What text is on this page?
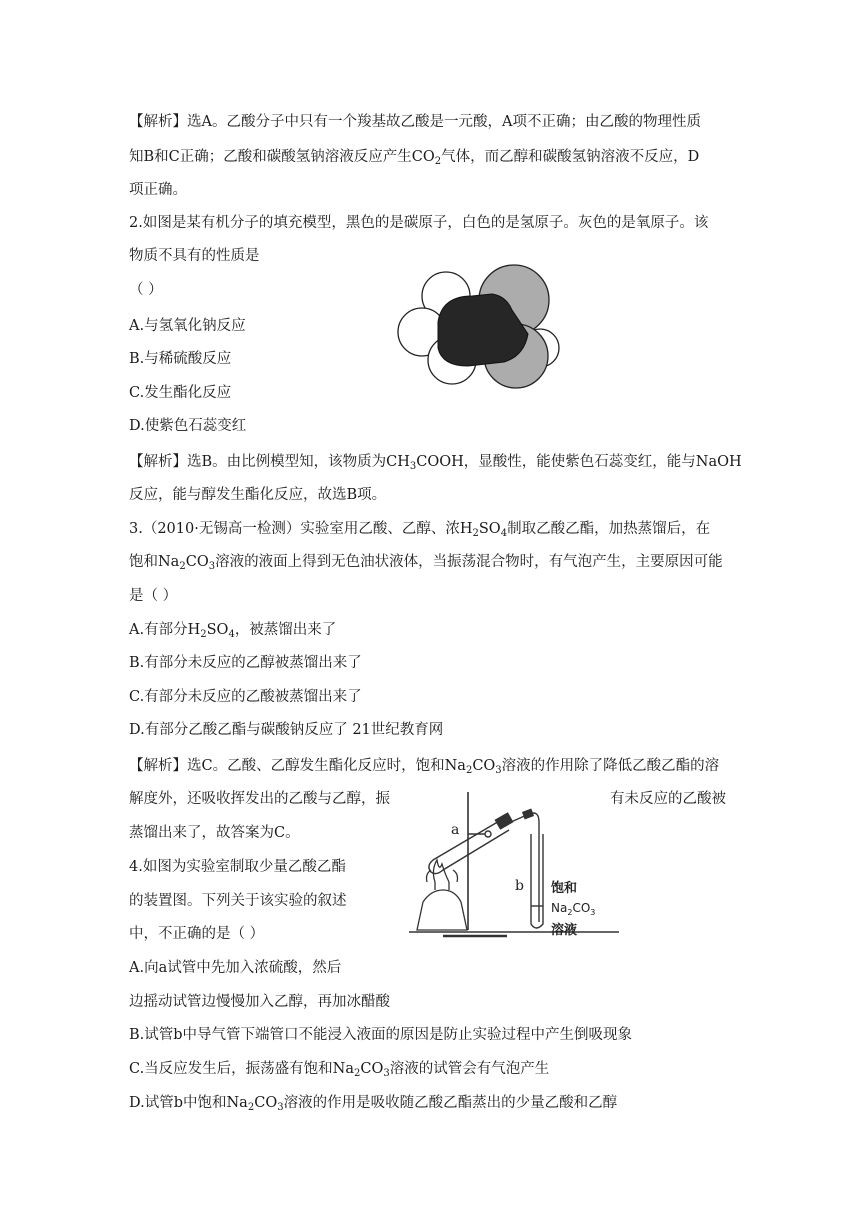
【解析】选A。乙酸分子中只有一个羧基故乙酸是一元酸，A项不正确；由乙酸的物理性质
知B和C正确；乙酸和碳酸氢钠溶液反应产生$CO_2$气体，而乙醇和碳酸氢钠溶液不反应，D
项正确。
2.如图是某有机分子的填充模型，黑色的是碳原子，白色的是氢原子。灰色的是氧原子。该
物质不具有的性质是
（ ）
A.与氢氧化钠反应
B.与稀硫酸反应
C.发生酯化反应
D.使紫色石蕊变红
【解析】选B。由比例模型知，该物质为$CH_3COOH$，显酸性，能使紫色石蕊变红，能与NaOH
反应，能与醇发生酯化反应，故选B项。
3.（2010·无锡高一检测）实验室用乙酸、乙醇、浓$H_2SO_4$制取乙酸乙酯，加热蒸馏后，在
饱和$Na_2CO_3$溶液的液面上得到无色油状液体，当振荡混合物时，有气泡产生，主要原因可能
是（ ）
A.有部分$H_2SO_4$，被蒸馏出来了
B.有部分未反应的乙醇被蒸馏出来了
C.有部分未反应的乙酸被蒸馏出来了
D.有部分乙酸乙酯与碳酸钠反应了 21世纪教育网
【解析】选C。乙酸、乙醇发生酯化反应时，饱和$Na_2CO_3$溶液的作用除了降低乙酸乙酯的溶
解度外，还吸收挥发出的乙酸与乙醇，振	有未反应的乙酸被
蒸馏出来了，故答案为C。
4.如图为实验室制取少量乙酸乙酯
的装置图。下列关于该实验的叙述
中，不正确的是（ ）
A.向a试管中先加入浓硫酸，然后
边摇动试管边慢慢加入乙醇，再加冰醋酸
B.试管b中导气管下端管口不能浸入液面的原因是防止实验过程中产生倒吸现象
C.当反应发生后，振荡盛有饱和$Na_2CO_3$溶液的试管会有气泡产生
D.试管b中饱和$Na_2CO_3$溶液的作用是吸收随乙酸乙酯蒸出的少量乙酸和乙醇
a
b 饱和
$Na_2CO_3$
溶液
